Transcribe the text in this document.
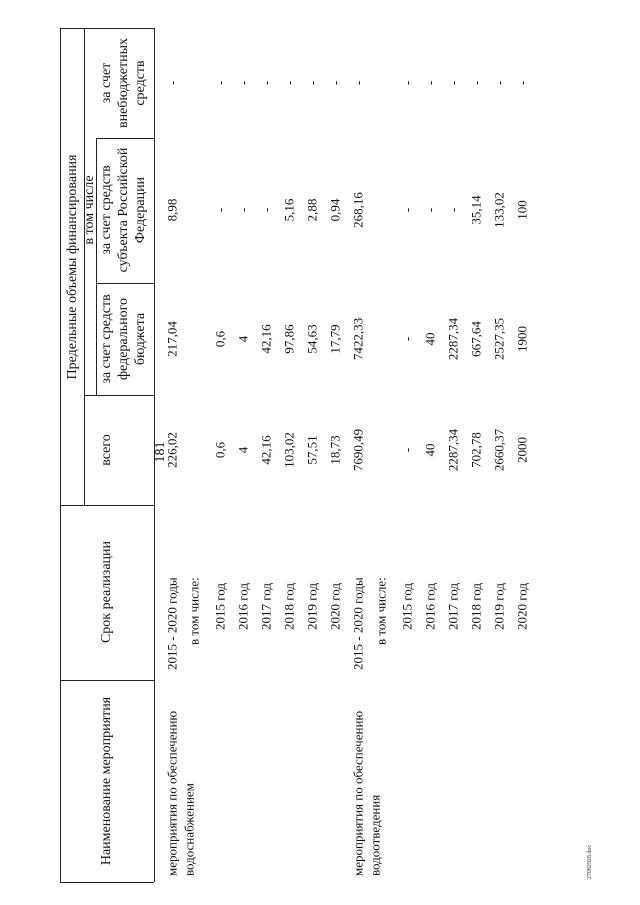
181
27082928.doc
Наименование мероприятия
Срок реализации
всего
Предельные объемы финансирования в том числе
за счет средств федерального бюджета
за счет средств субъекта Российской Федерации
за счет внебюджетных средств
мероприятия по обеспечению водоснабжением
2015 - 2020 годы
226,02
217,04
8,98
-
в том числе: 2015 год
0,6
0,6
-
-
2016 год
4
4
-
-
2017 год
42,16
42,16
-
-
2018 год
103,02
97,86
5,16
-
2019 год
57,51
54,63
2,88
-
2020 год
18,73
17,79
0,94
-
мероприятия по обеспечению водоотведения
2015 - 2020 годы
7690,49
7422,33
268,16
-
в том числе: 2015 год
-
-
-
-
2016 год
40
40
-
-
2017 год
2287,34
2287,34
-
-
2018 год
702,78
667,64
35,14
-
2019 год
2660,37
2527,35
133,02
-
2020 год
2000
1900
100
-
